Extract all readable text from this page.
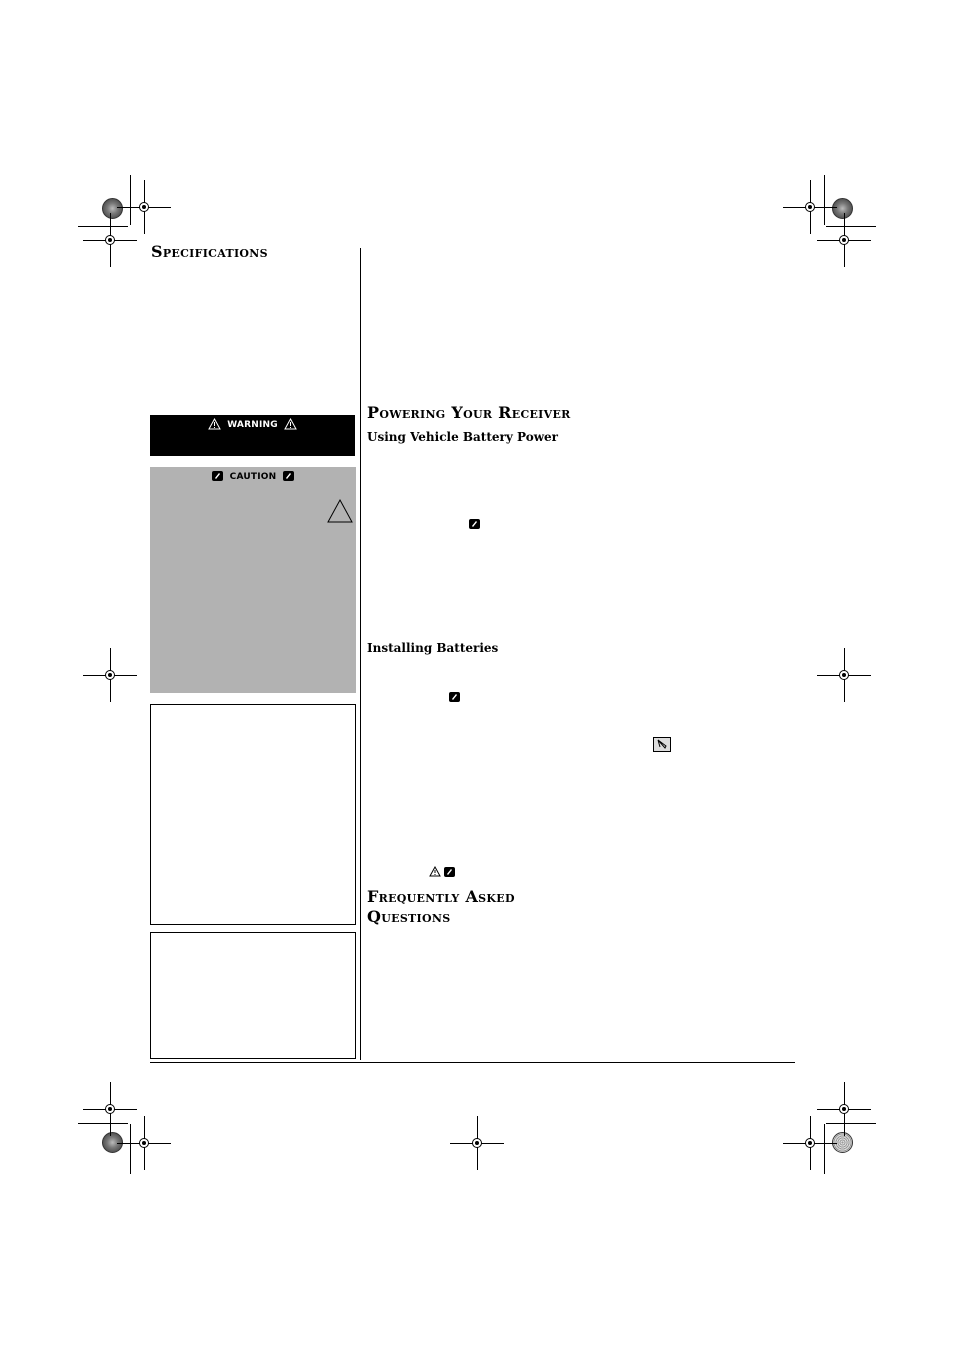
Specifications
WARNING
CAUTION
Powering Your Receiver
Using Vehicle Battery Power
Installing Batteries
Frequently Asked
Questions
